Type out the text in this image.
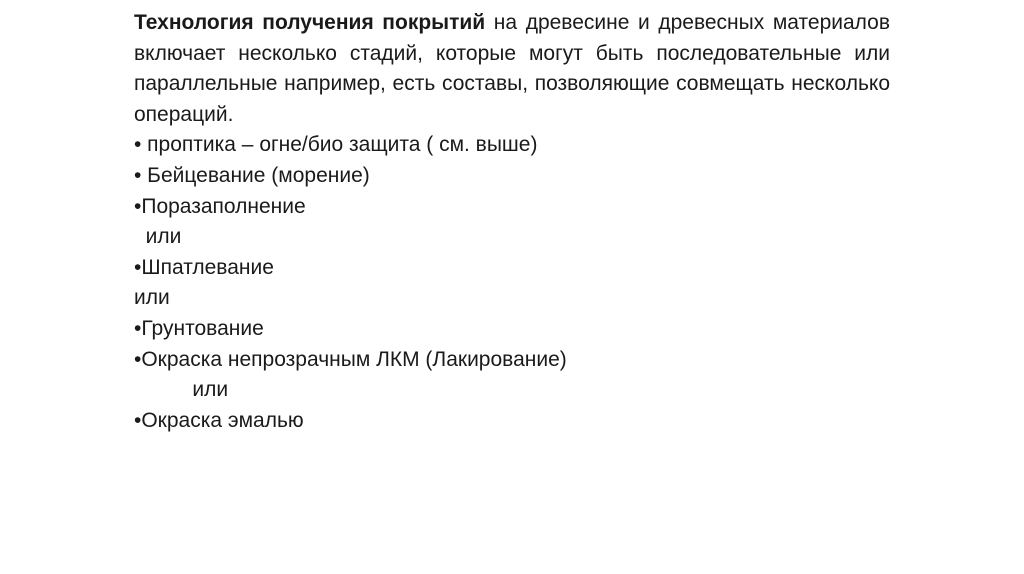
Технология получения покрытий на древесине и древесных материалов включает несколько стадий, которые могут быть последовательные или параллельные например, есть составы, позволяющие совмещать несколько операций.

• проптика – огне/био защита ( см. выше)
• Бейцевание (морение)
•Поразаполнение
или
•Шпатлевание
или
•Грунтование
•Окраска непрозрачным ЛКМ (Лакирование)
или
•Окраска эмалью
